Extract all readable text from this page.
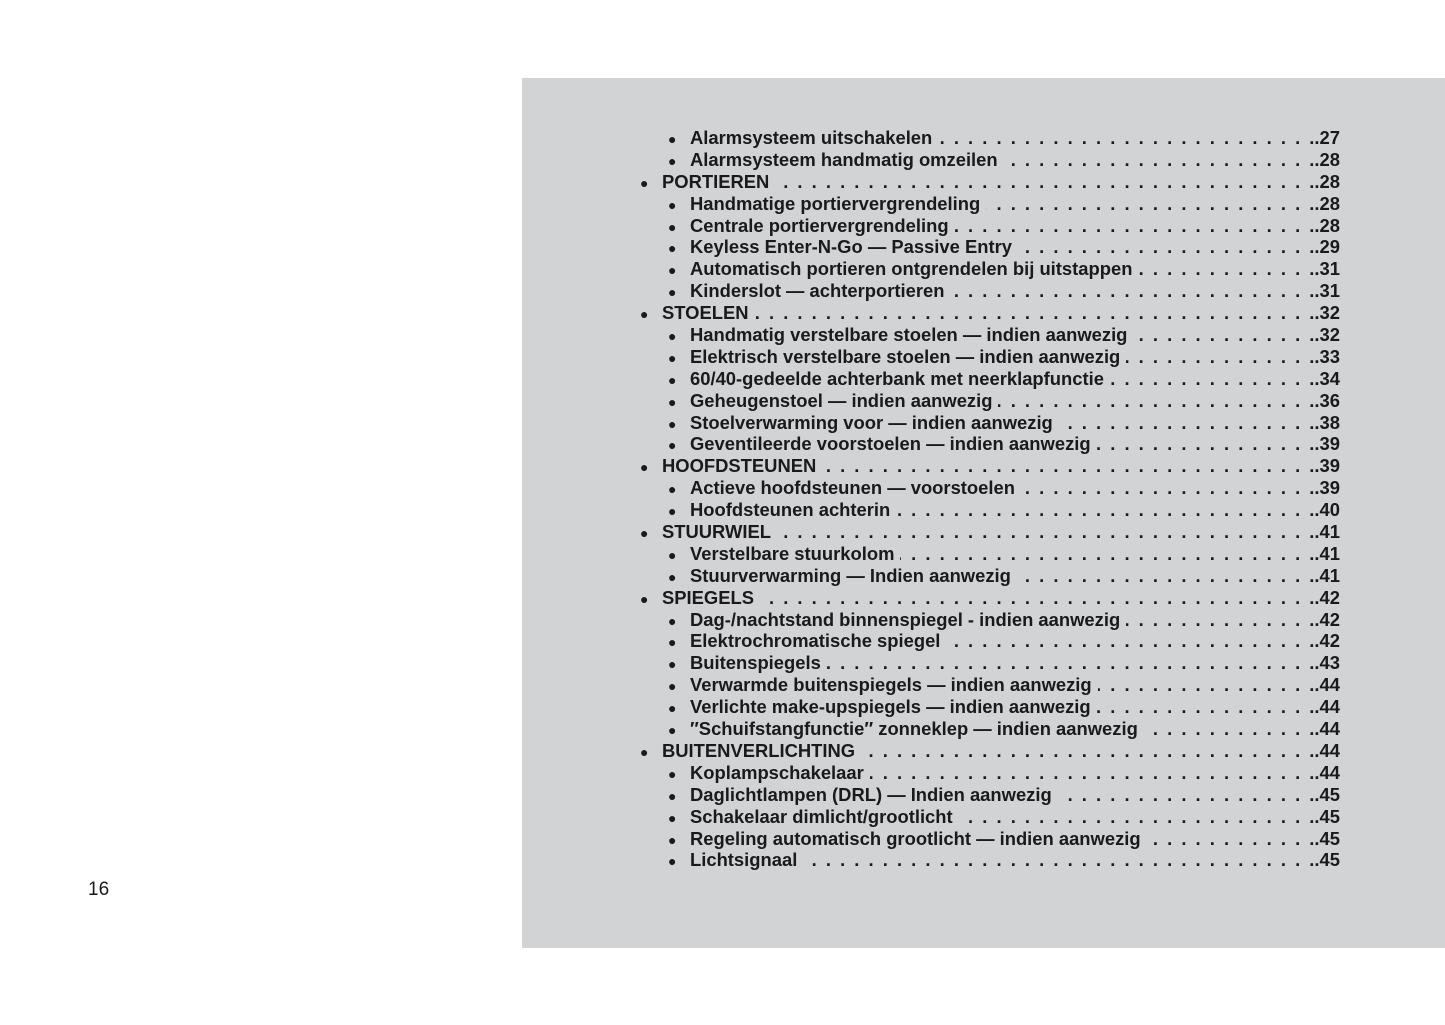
16
● Alarmsysteem uitschakelen . . .	.27
● Alarmsysteem handmatig omzeilen . . .	.28
● PORTIEREN . . .	.28
● Handmatige portiervergrendeling . . .	.28
● Centrale portiervergrendeling . . .	.28
● Keyless Enter-N-Go — Passive Entry . . .	.29
● Automatisch portieren ontgrendelen bij uitstappen . . .	.31
● Kinderslot — achterportieren . . .	.31
● STOELEN . . .	.32
● Handmatig verstelbare stoelen — indien aanwezig . . .	.32
● Elektrisch verstelbare stoelen — indien aanwezig . . .	.33
● 60/40-gedeelde achterbank met neerklapfunctie . . .	.34
● Geheugenstoel — indien aanwezig . . .	.36
● Stoelverwarming voor — indien aanwezig . . .	.38
● Geventileerde voorstoelen — indien aanwezig . . .	.39
● HOOFDSTEUNEN . . .	.39
● Actieve hoofdsteunen — voorstoelen . . .	.39
● Hoofdsteunen achterin . . .	.40
● STUURWIEL . . .	.41
● Verstelbare stuurkolom . . .	.41
● Stuurverwarming — Indien aanwezig . . .	.41
● SPIEGELS . . .	.42
● Dag-/nachtstand binnenspiegel - indien aanwezig . . .	.42
● Elektrochromatische spiegel . . .	.42
● Buitenspiegels . . .	.43
● Verwarmde buitenspiegels — indien aanwezig . . .	.44
● Verlichte make-upspiegels — indien aanwezig . . .	.44
● ″Schuifstangfunctie″ zonneklep — indien aanwezig . . .	.44
● BUITENVERLICHTING . . .	.44
● Koplampschakelaar . . .	.44
● Daglichtlampen (DRL) — Indien aanwezig . . .	.45
● Schakelaar dimlicht/grootlicht . . .	.45
● Regeling automatisch grootlicht — indien aanwezig . . .	.45
● Lichtsignaal . . .	.45
